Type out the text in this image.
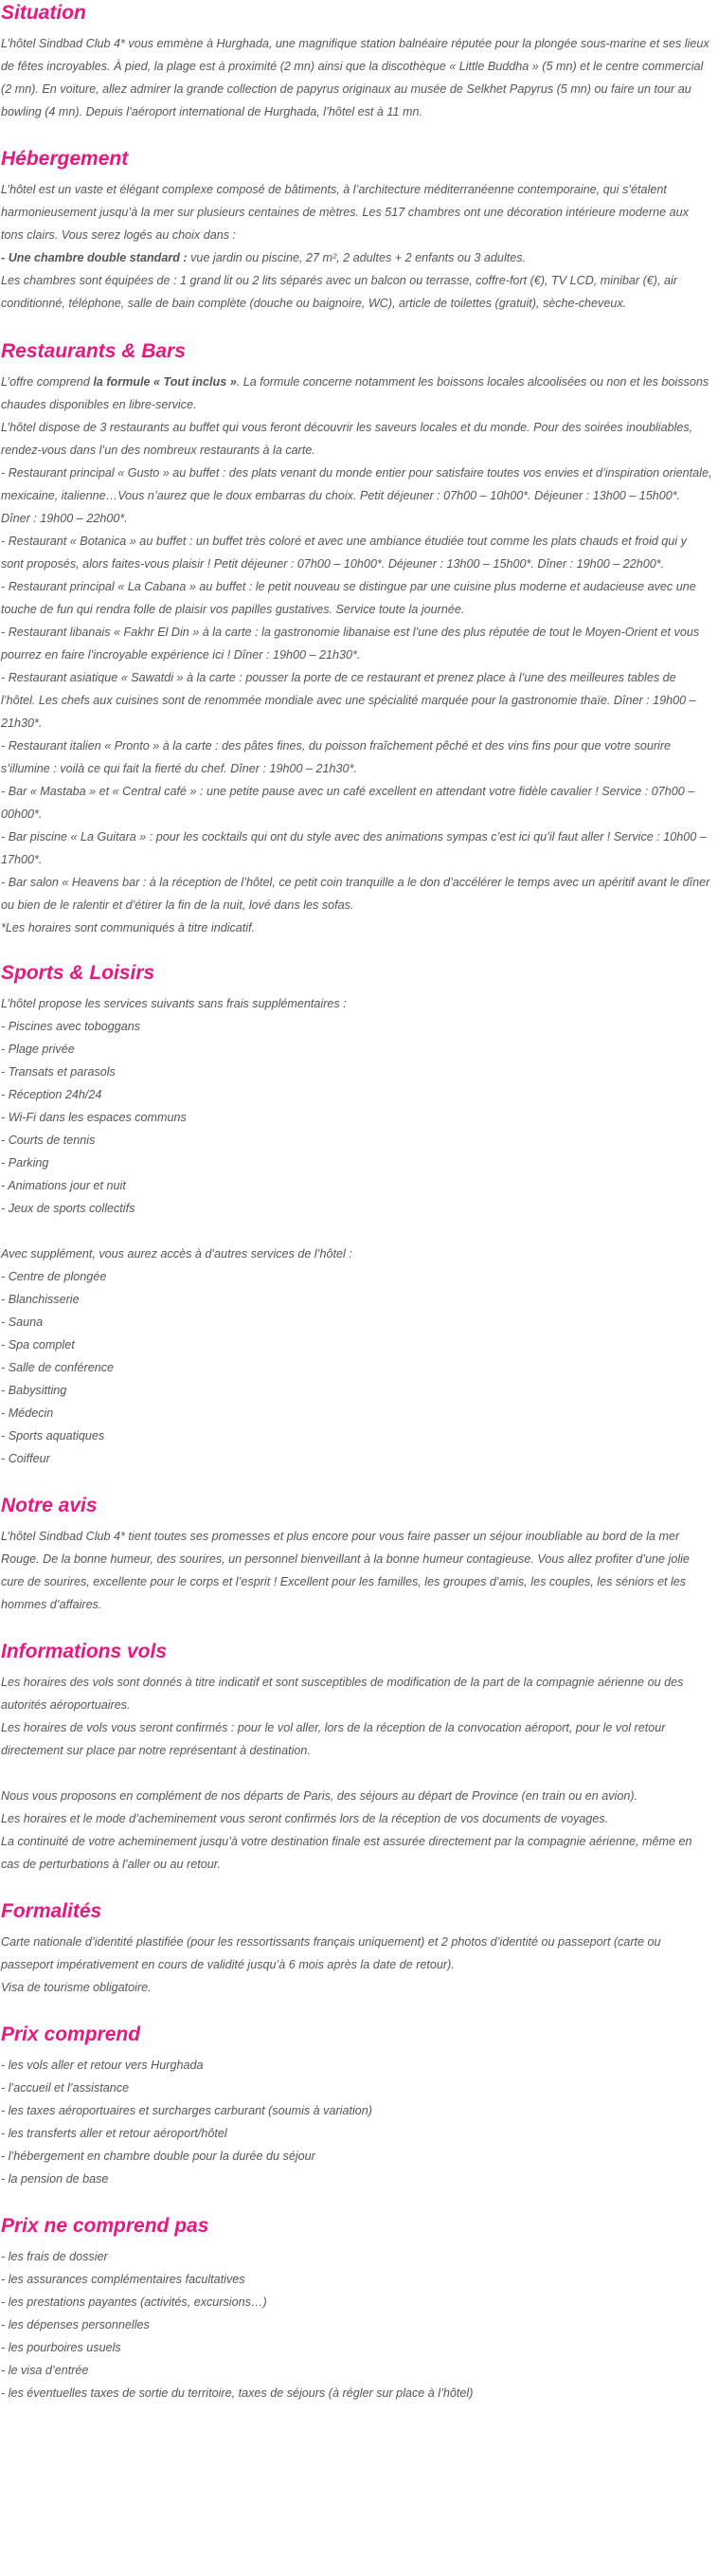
Situation

L’hôtel Sindbad Club 4* vous emmène à Hurghada, une magnifique station balnéaire réputée pour la plongée sous-marine et ses lieux de fêtes incroyables. À pied, la plage est à proximité (2 mn) ainsi que la discothèque « Little Buddha » (5 mn) et le centre commercial (2 mn). En voiture, allez admirer la grande collection de papyrus originaux au musée de Selkhet Papyrus (5 mn) ou faire un tour au bowling (4 mn). Depuis l’aéroport international de Hurghada, l’hôtel est à 11 mn.

Hébergement
L’hôtel est un vaste et élégant complexe composé de bâtiments, à l’architecture méditerranéenne contemporaine, qui s’étalent harmonieusement jusqu’à la mer sur plusieurs centaines de mètres. Les 517 chambres ont une décoration intérieure moderne aux tons clairs. Vous serez logés au choix dans :
- Une chambre double standard : vue jardin ou piscine, 27 m², 2 adultes + 2 enfants ou 3 adultes.
Les chambres sont équipées de : 1 grand lit ou 2 lits séparés avec un balcon ou terrasse, coffre-fort (€), TV LCD, minibar (€), air conditionné, téléphone, salle de bain complète (douche ou baignoire, WC), article de toilettes (gratuit), sèche-cheveux.
Restaurants & Bars
L’offre comprend la formule « Tout inclus ». La formule concerne notamment les boissons locales alcoolisées ou non et les boissons chaudes disponibles en libre-service.
L’hôtel dispose de 3 restaurants au buffet qui vous feront découvrir les saveurs locales et du monde. Pour des soirées inoubliables, rendez-vous dans l’un des nombreux restaurants à la carte.
- Restaurant principal « Gusto » au buffet : des plats venant du monde entier pour satisfaire toutes vos envies et d’inspiration orientale, mexicaine, italienne…Vous n’aurez que le doux embarras du choix. Petit déjeuner : 07h00 – 10h00*. Déjeuner : 13h00 – 15h00*. Dîner : 19h00 – 22h00*.
- Restaurant « Botanica » au buffet : un buffet très coloré et avec une ambiance étudiée tout comme les plats chauds et froid qui y sont proposés, alors faites-vous plaisir ! Petit déjeuner : 07h00 – 10h00*. Déjeuner : 13h00 – 15h00*. Dîner : 19h00 – 22h00*.
- Restaurant principal « La Cabana » au buffet : le petit nouveau se distingue par une cuisine plus moderne et audacieuse avec une touche de fun qui rendra folle de plaisir vos papilles gustatives. Service toute la journée.
- Restaurant libanais « Fakhr El Din » à la carte : la gastronomie libanaise est l’une des plus réputée de tout le Moyen-Orient et vous pourrez en faire l’incroyable expérience ici ! Dîner : 19h00 – 21h30*.
- Restaurant asiatique « Sawatdi » à la carte : pousser la porte de ce restaurant et prenez place à l’une des meilleures tables de l’hôtel. Les chefs aux cuisines sont de renommée mondiale avec une spécialité marquée pour la gastronomie thaïe. Dîner : 19h00 – 21h30*.
- Restaurant italien « Pronto » à la carte : des pâtes fines, du poisson fraîchement pêché et des vins fins pour que votre sourire s’illumine : voilà ce qui fait la fierté du chef. Dîner : 19h00 – 21h30*.
- Bar « Mastaba » et « Central café » : une petite pause avec un café excellent en attendant votre fidèle cavalier ! Service : 07h00 – 00h00*.
- Bar piscine « La Guitara » : pour les cocktails qui ont du style avec des animations sympas c’est ici qu’il faut aller ! Service : 10h00 – 17h00*.
- Bar salon « Heavens bar : à la réception de l’hôtel, ce petit coin tranquille a le don d’accélérer le temps avec un apéritif avant le dîner ou bien de le ralentir et d’étirer la fin de la nuit, lové dans les sofas.
*Les horaires sont communiqués à titre indicatif.
Sports & Loisirs
L’hôtel propose les services suivants sans frais supplémentaires :
- Piscines avec toboggans
- Plage privée
- Transats et parasols
- Réception 24h/24
- Wi-Fi dans les espaces communs
- Courts de tennis
- Parking
- Animations jour et nuit
- Jeux de sports collectifs
Avec supplément, vous aurez accès à d’autres services de l’hôtel :
- Centre de plongée
- Blanchisserie
- Sauna
- Spa complet
- Salle de conférence
- Babysitting
- Médecin
- Sports aquatiques
- Coiffeur
Notre avis

L’hôtel Sindbad Club 4* tient toutes ses promesses et plus encore pour vous faire passer un séjour inoubliable au bord de la mer Rouge. De la bonne humeur, des sourires, un personnel bienveillant à la bonne humeur contagieuse. Vous allez profiter d’une jolie cure de sourires, excellente pour le corps et l’esprit ! Excellent pour les familles, les groupes d’amis, les couples, les séniors et les hommes d’affaires.

Informations vols
Les horaires des vols sont donnés à titre indicatif et sont susceptibles de modification de la part de la compagnie aérienne ou des autorités aéroportuaires.
Les horaires de vols vous seront confirmés : pour le vol aller, lors de la réception de la convocation aéroport, pour le vol retour directement sur place par notre représentant à destination.
Nous vous proposons en complément de nos départs de Paris, des séjours au départ de Province (en train ou en avion).
Les horaires et le mode d’acheminement vous seront confirmés lors de la réception de vos documents de voyages.
La continuité de votre acheminement jusqu’à votre destination finale est assurée directement par la compagnie aérienne, même en cas de perturbations à l’aller ou au retour.
Formalités
Carte nationale d’identité plastifiée (pour les ressortissants français uniquement) et 2 photos d’identité ou passeport (carte ou passeport impérativement en cours de validité jusqu’à 6 mois après la date de retour).
Visa de tourisme obligatoire.
Prix comprend
- les vols aller et retour vers Hurghada
- l’accueil et l’assistance
- les taxes aéroportuaires et surcharges carburant (soumis à variation)
- les transferts aller et retour aéroport/hôtel
- l’hébergement en chambre double pour la durée du séjour
- la pension de base
Prix ne comprend pas
- les frais de dossier
- les assurances complémentaires facultatives
- les prestations payantes (activités, excursions…)
- les dépenses personnelles
- les pourboires usuels
- le visa d’entrée
- les éventuelles taxes de sortie du territoire, taxes de séjours (à régler sur place à l’hôtel)
